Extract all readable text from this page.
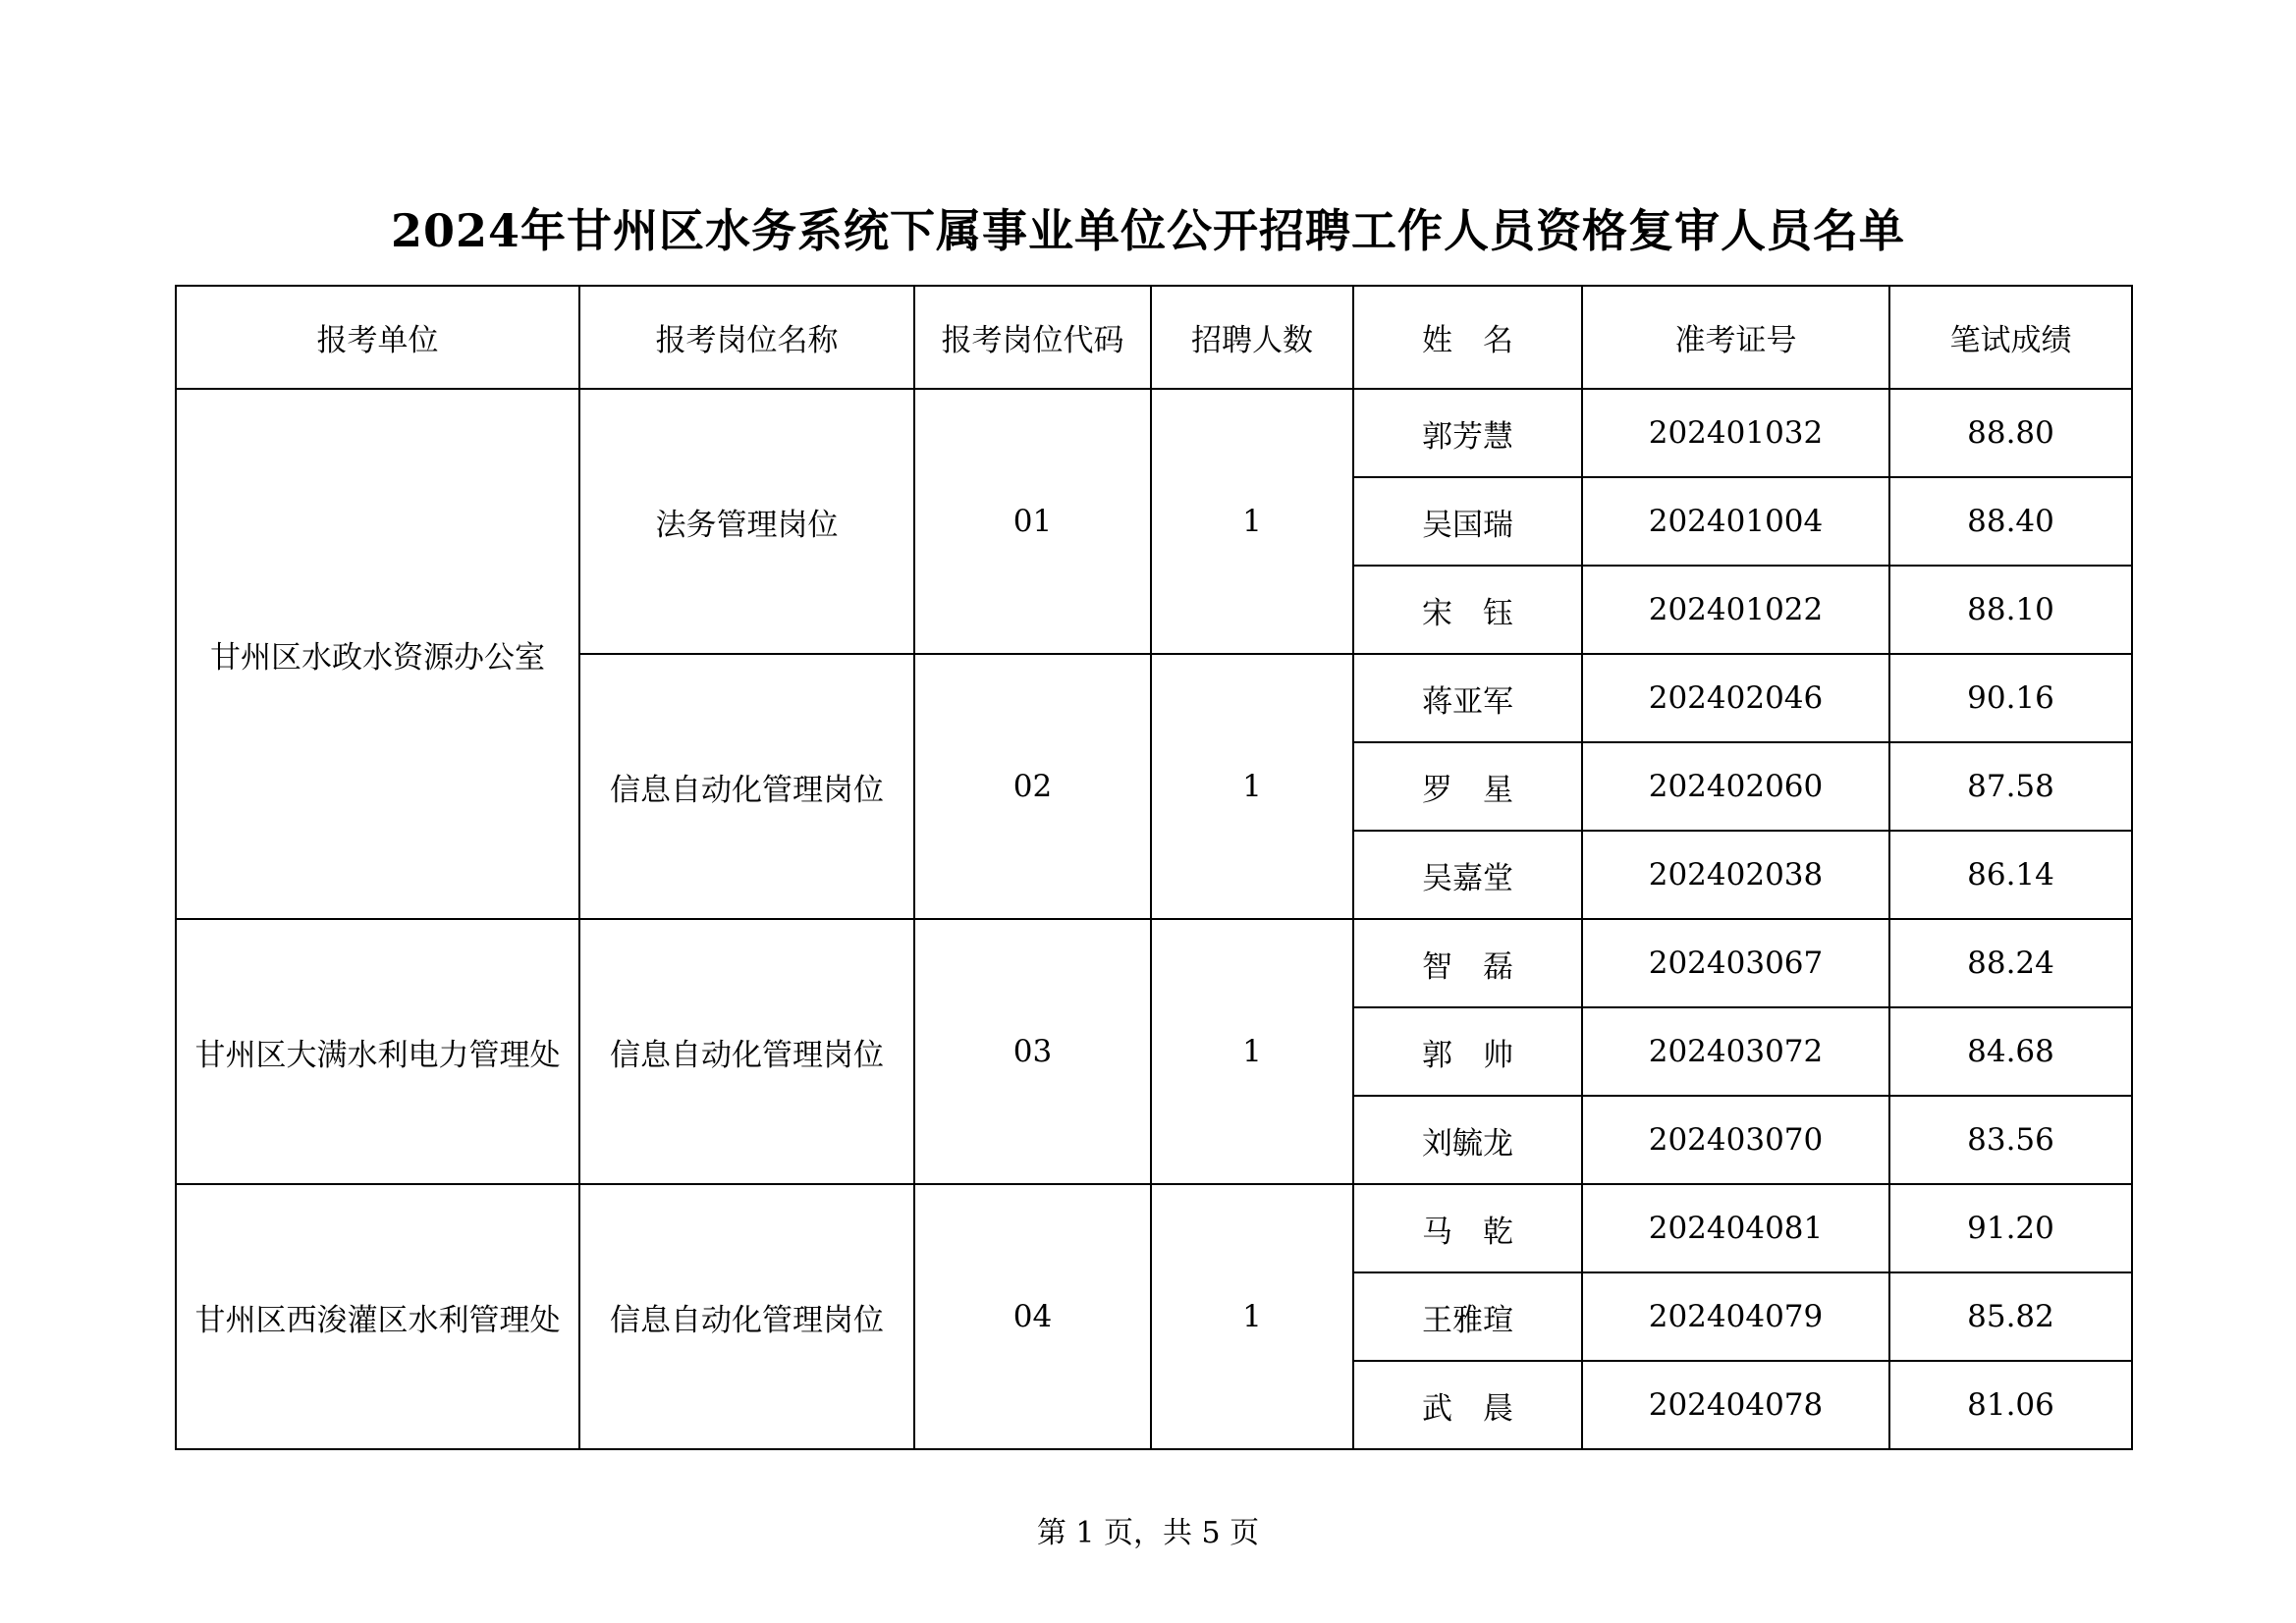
2024年甘州区水务系统下属事业单位公开招聘工作人员资格复审人员名单
报考单位	报考岗位名称	报考岗位代码	招聘人数	姓　名	准考证号	笔试成绩
甘州区水政水资源办公室	法务管理岗位	01	1	郭芳慧	202401032	88.80
				吴国瑞	202401004	88.40
				宋　钰	202401022	88.10
	信息自动化管理岗位	02	1	蒋亚军	202402046	90.16
				罗　星	202402060	87.58
				吴嘉堂	202402038	86.14
甘州区大满水利电力管理处	信息自动化管理岗位	03	1	智　磊	202403067	88.24
				郭　帅	202403072	84.68
				刘毓龙	202403070	83.56
甘州区西浚灌区水利管理处	信息自动化管理岗位	04	1	马　乾	202404081	91.20
				王雅瑄	202404079	85.82
				武　晨	202404078	81.06
第 1 页，共 5 页
